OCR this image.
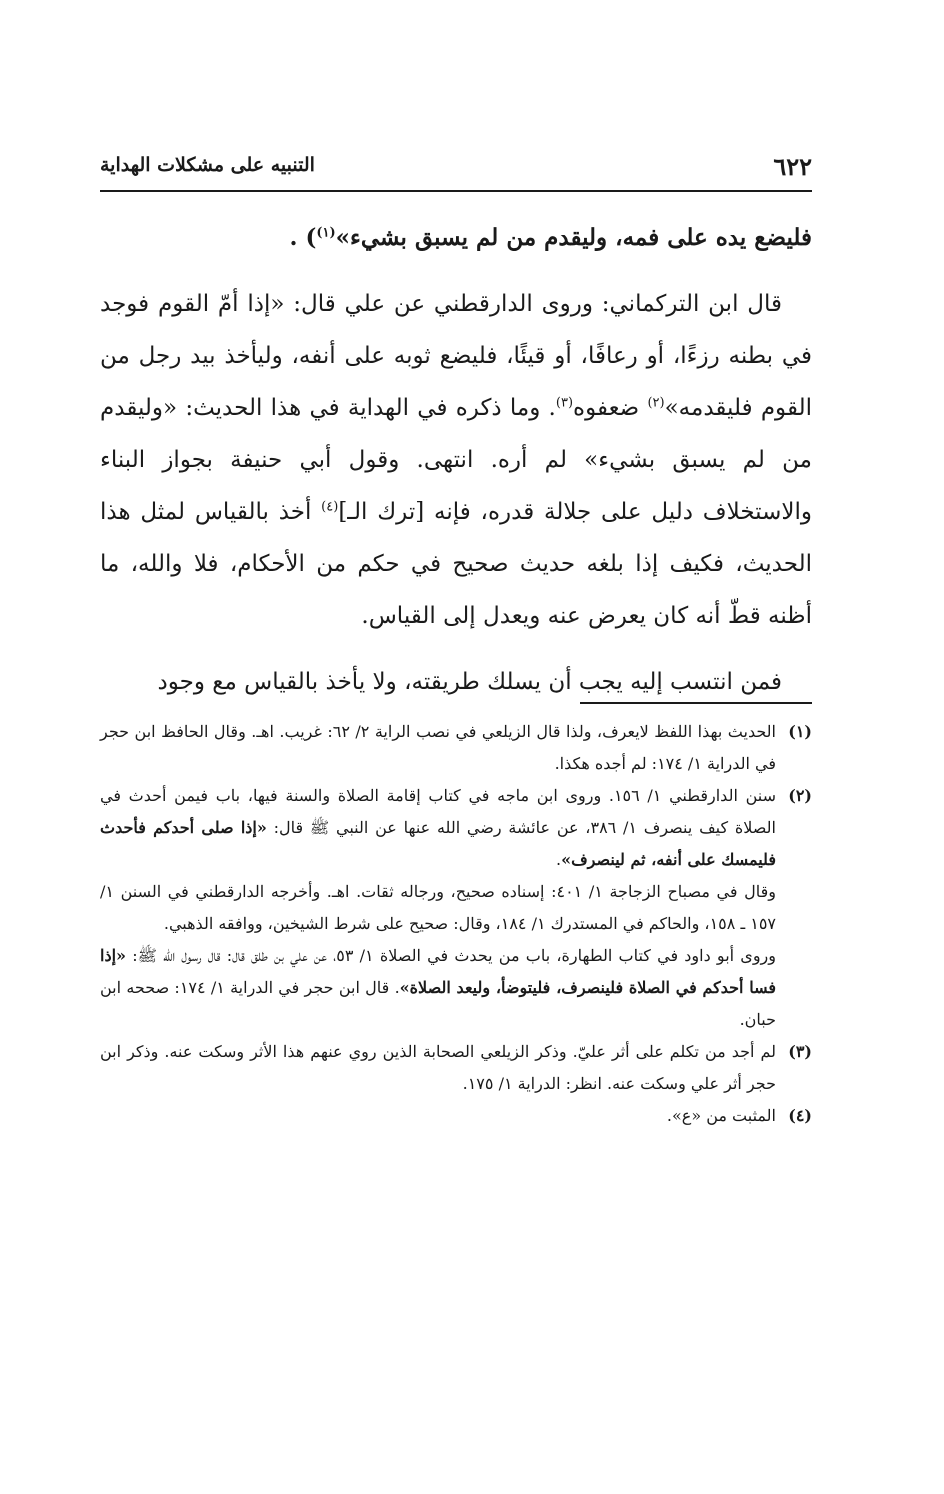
٦٢٢
التنبيه على مشكلات الهداية

فليضع يده على فمه، وليقدم من لم يسبق بشيء»$^{(١)}$) .

قال ابن التركماني: وروى الدارقطني عن علي قال: «إذا أمّ القوم فوجد في بطنه رزءًا، أو رعافًا، أو قيئًا، فليضع ثوبه على أنفه، وليأخذ بيد رجل من القوم فليقدمه»$^{(٢)}$ ضعفوه$^{(٣)}$. وما ذكره في الهداية في هذا الحديث: «وليقدم من لم يسبق بشيء» لم أره. انتهى. وقول أبي حنيفة بجواز البناء والاستخلاف دليل على جلالة قدره، فإنه [ترك الـ]$^{(٤)}$ أخذ بالقياس لمثل هذا الحديث، فكيف إذا بلغه حديث صحيح في حكم من الأحكام، فلا والله، ما أظنه قطّ أنه كان يعرض عنه ويعدل إلى القياس.

فمن انتسب إليه يجب أن يسلك طريقته، ولا يأخذ بالقياس مع وجود

(١)

الحديث بهذا اللفظ لايعرف، ولذا قال الزيلعي في نصب الراية ٢/ ٦٢: غريب. اهـ. وقال الحافظ ابن حجر في الدراية ١/ ١٧٤: لم أجده هكذا.

(٢)

سنن الدارقطني ١/ ١٥٦. وروى ابن ماجه في كتاب إقامة الصلاة والسنة فيها، باب فيمن أحدث في الصلاة كيف ينصرف ١/ ٣٨٦، عن عائشة رضي الله عنها عن النبي ﷺ قال: «إذا صلى أحدكم فأحدث فليمسك على أنفه، ثم لينصرف».

وقال في مصباح الزجاجة ١/ ٤٠١: إسناده صحيح، ورجاله ثقات. اهـ. وأخرجه الدارقطني في السنن ١/ ١٥٧ ـ ١٥٨، والحاكم في المستدرك ١/ ١٨٤، وقال: صحيح على شرط الشيخين، ووافقه الذهبي.

وروى أبو داود في كتاب الطهارة، باب من يحدث في الصلاة ١/ ٥٣، عن علي بن طلق قال: قال رسول الله ﷺ: «إذا فسا أحدكم في الصلاة فلينصرف، فليتوضأ، وليعد الصلاة». قال ابن حجر في الدراية ١/ ١٧٤: صححه ابن حبان.

(٣)

لم أجد من تكلم على أثر عليّ. وذكر الزيلعي الصحابة الذين روي عنهم هذا الأثر وسكت عنه. وذكر ابن حجر أثر علي وسكت عنه. انظر: الدراية ١/ ١٧٥.

(٤)

المثبت من «ع».
